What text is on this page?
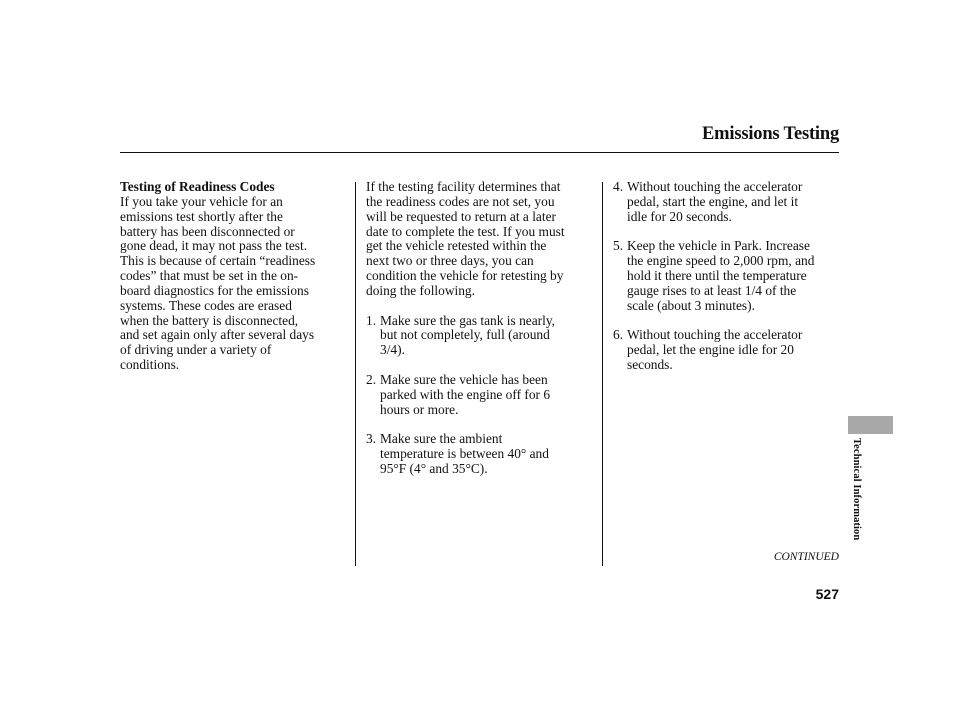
Emissions Testing

Testing of Readiness Codes

If you take your vehicle for an

emissions test shortly after the

battery has been disconnected or

gone dead, it may not pass the test.

This is because of certain “readiness

codes” that must be set in the on-

board diagnostics for the emissions

systems. These codes are erased

when the battery is disconnected,

and set again only after several days

of driving under a variety of

conditions.

If the testing facility determines that

the readiness codes are not set, you

will be requested to return at a later

date to complete the test. If you must

get the vehicle retested within the

next two or three days, you can

condition the vehicle for retesting by

doing the following.

1. Make sure the gas tank is nearly,

but not completely, full (around

3/4).

2. Make sure the vehicle has been

parked with the engine off for 6

hours or more.

3. Make sure the ambient

temperature is between 40° and

95°F (4° and 35°C).

4. Without touching the accelerator

pedal, start the engine, and let it

idle for 20 seconds.

5. Keep the vehicle in Park. Increase

the engine speed to 2,000 rpm, and

hold it there until the temperature

gauge rises to at least 1/4 of the

scale (about 3 minutes).

6. Without touching the accelerator

pedal, let the engine idle for 20

seconds.

Technical Information
CONTINUED
527
